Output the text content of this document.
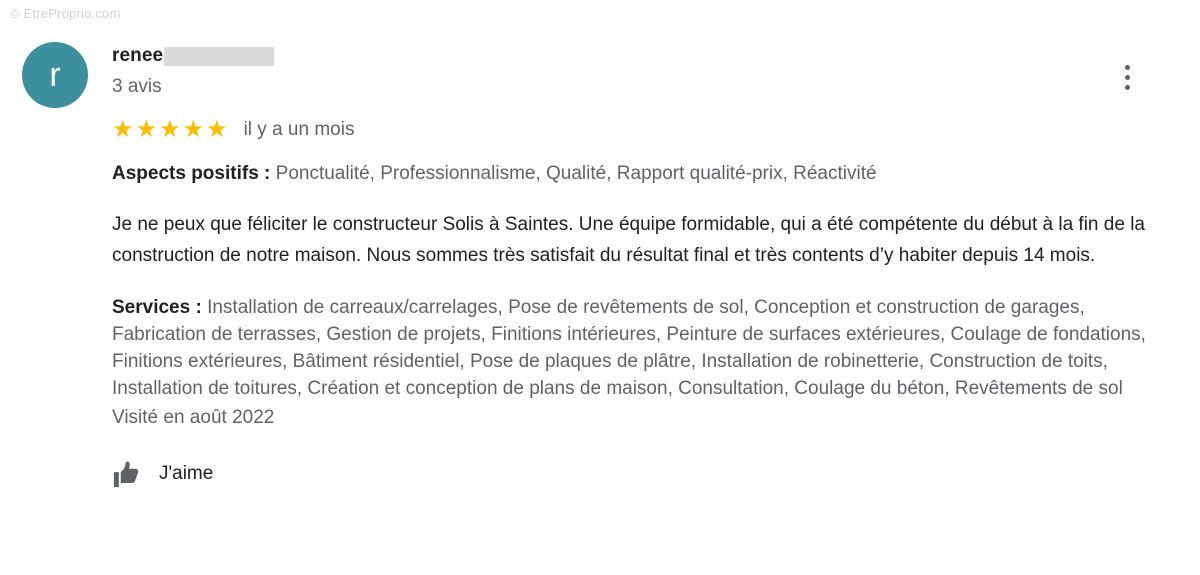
© EtreProprio.com
r
renee
3 avis
★★★★★ il y a un mois
Aspects positifs : Ponctualité, Professionnalisme, Qualité, Rapport qualité-prix, Réactivité
Je ne peux que féliciter le constructeur Solis à Saintes. Une équipe formidable, qui a été compétente du début à la fin de la construction de notre maison. Nous sommes très satisfait du résultat final et très contents d’y habiter depuis 14 mois.
Services : Installation de carreaux/carrelages, Pose de revêtements de sol, Conception et construction de garages, Fabrication de terrasses, Gestion de projets, Finitions intérieures, Peinture de surfaces extérieures, Coulage de fondations, Finitions extérieures, Bâtiment résidentiel, Pose de plaques de plâtre, Installation de robinetterie, Construction de toits, Installation de toitures, Création et conception de plans de maison, Consultation, Coulage du béton, Revêtements de sol
Visité en août 2022
J'aime
